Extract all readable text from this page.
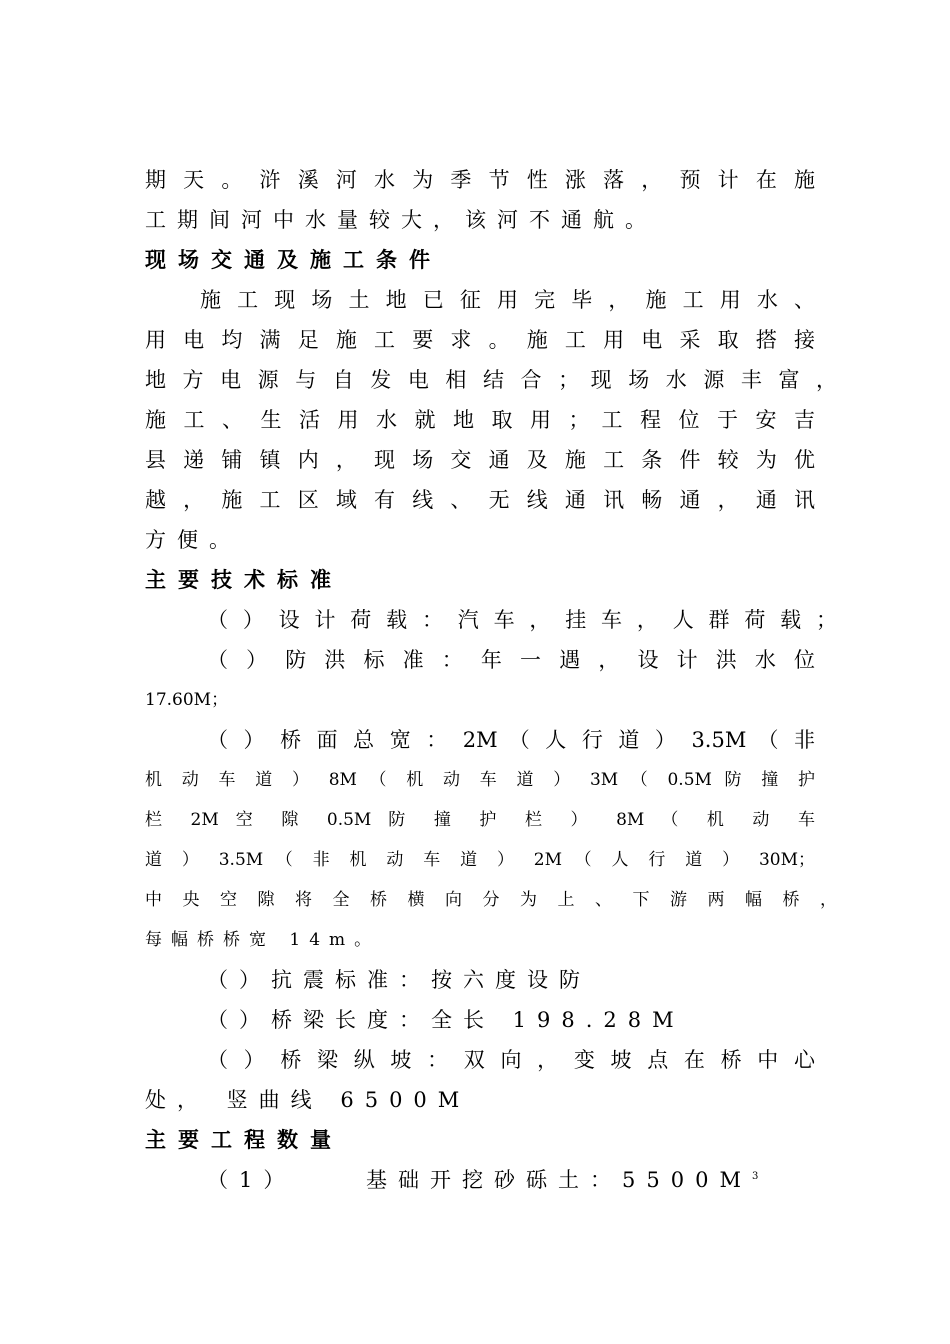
期 天 。 浒 溪 河 水 为 季 节 性 涨 落 ， 预 计 在 施
工期间河中水量较大，该河不通航。
现场交通及施工条件
施 工 现 场 土 地 已 征 用 完 毕 ， 施 工 用 水 、
用 电 均 满 足 施 工 要 求 。 施 工 用 电 采 取 搭 接
地 方 电 源 与 自 发 电 相 结 合 ； 现 场 水 源 丰 富 ，
施 工 、 生 活 用 水 就 地 取 用 ； 工 程 位 于 安 吉
县 递 铺 镇 内 ， 现 场 交 通 及 施 工 条 件 较 为 优
越 ， 施 工 区 域 有 线 、 无 线 通 讯 畅 通 ， 通 讯
方便。
主要技术标准
（ ） 设 计 荷 载 ： 汽 车 ， 挂 车 ， 人 群 荷 载 ；
（ ） 防 洪 标 准 ： 年 一 遇 ， 设 计 洪 水 位
17.60M；
（ ） 桥 面 总 宽 ： 2M （ 人 行 道 ） 3.5M （ 非
机 动 车 道 ） 8M （ 机 动 车 道 ） 3M （ 0.5M 防 撞 护
栏 2M 空 隙 0.5M 防 撞 护 栏 ） 8M （ 机 动 车
道 ） 3.5M （ 非 机 动 车 道 ） 2M （ 人 行 道 ） 30M；
中 央 空 隙 将 全 桥 横 向 分 为 上 、 下 游 两 幅 桥 ，
每幅桥桥宽 14m。
（）抗震标准：按六度设防
（）桥梁长度：全长 198.28M
（ ） 桥 梁 纵 坡 ： 双 向 ， 变 坡 点 在 桥 中 心
处， 竖曲线 6500M
主要工程数量
（1）    基础开挖砂砾土：$5500M^3$
